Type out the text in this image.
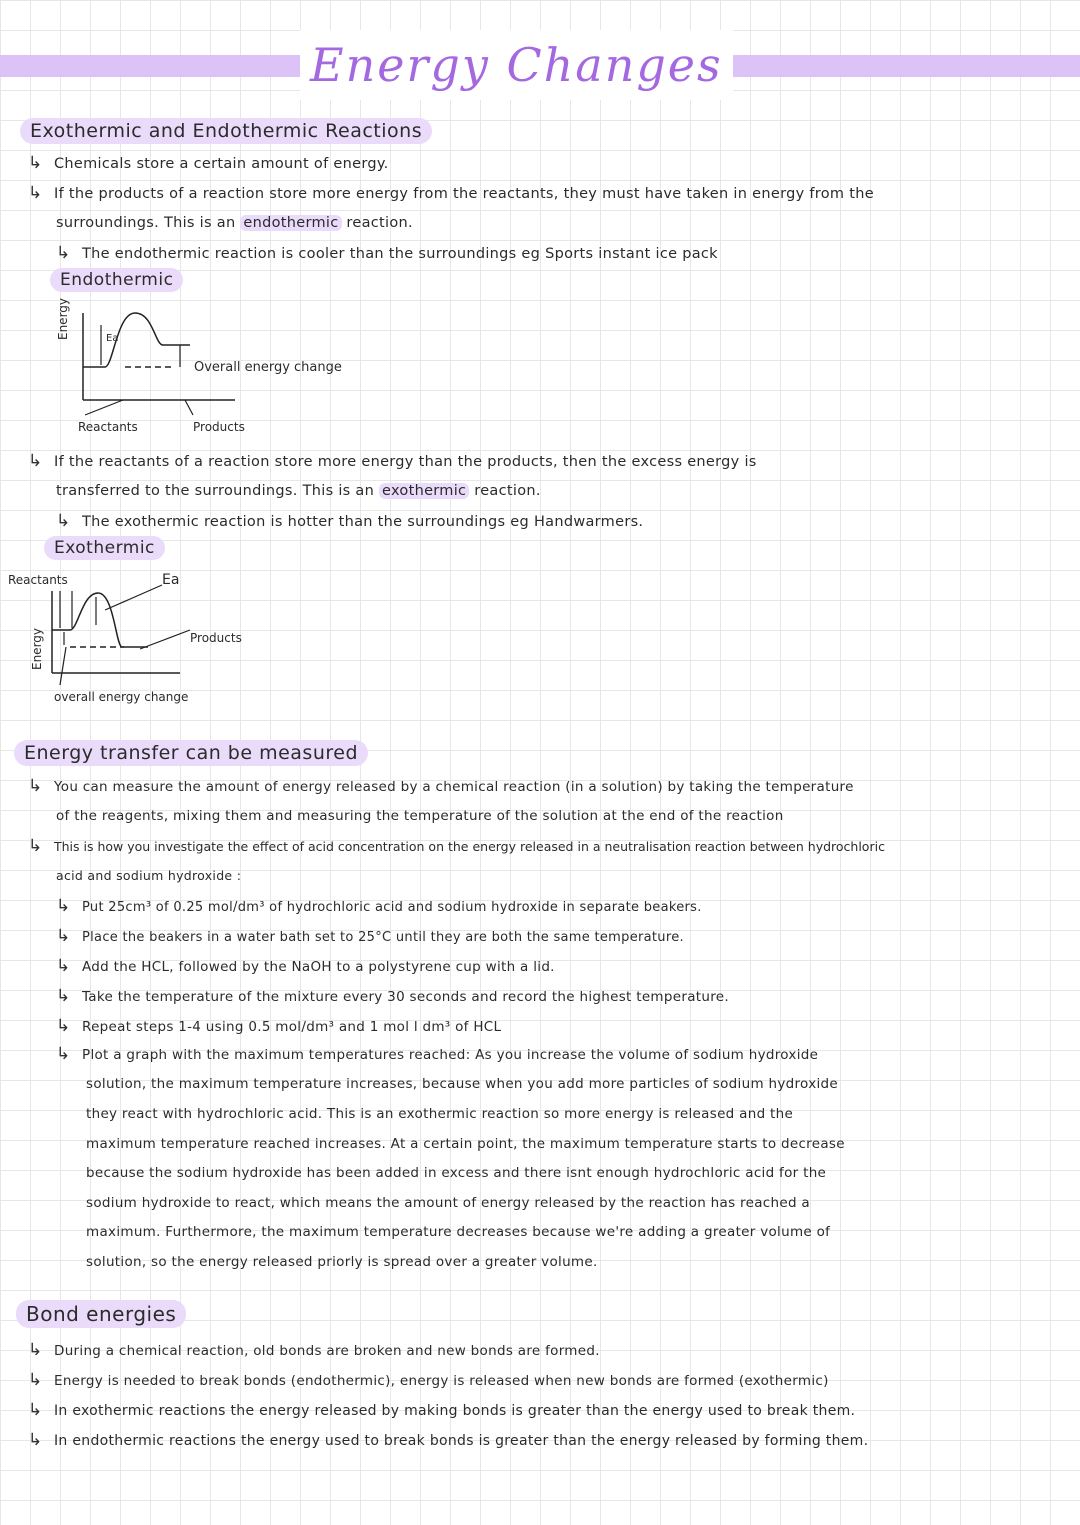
Energy Changes
Exothermic and Endothermic Reactions
↳ Chemicals store a certain amount of energy.
↳ If the products of a reaction store more energy from the reactants, they must have taken in energy from the
surroundings. This is an endothermic reaction.
↳ The endothermic reaction is cooler than the surroundings eg Sports instant ice pack
Endothermic
Energy	Ea
Overall energy change
Reactants	Products
↳ If the reactants of a reaction store more energy than the products, then the excess energy is
transferred to the surroundings. This is an exothermic reaction.
↳ The exothermic reaction is hotter than the surroundings eg Handwarmers.
Exothermic
Reactants	Ea
Energy	Products
overall energy change
Energy transfer can be measured
↳ You can measure the amount of energy released by a chemical reaction (in a solution) by taking the temperature
of the reagents, mixing them and measuring the temperature of the solution at the end of the reaction
↳ This is how you investigate the effect of acid concentration on the energy released in a neutralisation reaction between hydrochloric
acid and sodium hydroxide :
↳ Put 25cm³ of 0.25 mol/dm³ of hydrochloric acid and sodium hydroxide in separate beakers.
↳ Place the beakers in a water bath set to 25°C until they are both the same temperature.
↳ Add the HCL, followed by the NaOH to a polystyrene cup with a lid.
↳ Take the temperature of the mixture every 30 seconds and record the highest temperature.
↳ Repeat steps 1-4 using 0.5 mol/dm³ and 1 mol l dm³ of HCL
↳ Plot a graph with the maximum temperatures reached: As you increase the volume of sodium hydroxide
solution, the maximum temperature increases, because when you add more particles of sodium hydroxide
they react with hydrochloric acid. This is an exothermic reaction so more energy is released and the
maximum temperature reached increases. At a certain point, the maximum temperature starts to decrease
because the sodium hydroxide has been added in excess and there isnt enough hydrochloric acid for the
sodium hydroxide to react, which means the amount of energy released by the reaction has reached a
maximum. Furthermore, the maximum temperature decreases because we're adding a greater volume of
solution, so the energy released priorly is spread over a greater volume.
Bond energies
↳ During a chemical reaction, old bonds are broken and new bonds are formed.
↳ Energy is needed to break bonds (endothermic), energy is released when new bonds are formed (exothermic)
↳ In exothermic reactions the energy released by making bonds is greater than the energy used to break them.
↳ In endothermic reactions the energy used to break bonds is greater than the energy released by forming them.
